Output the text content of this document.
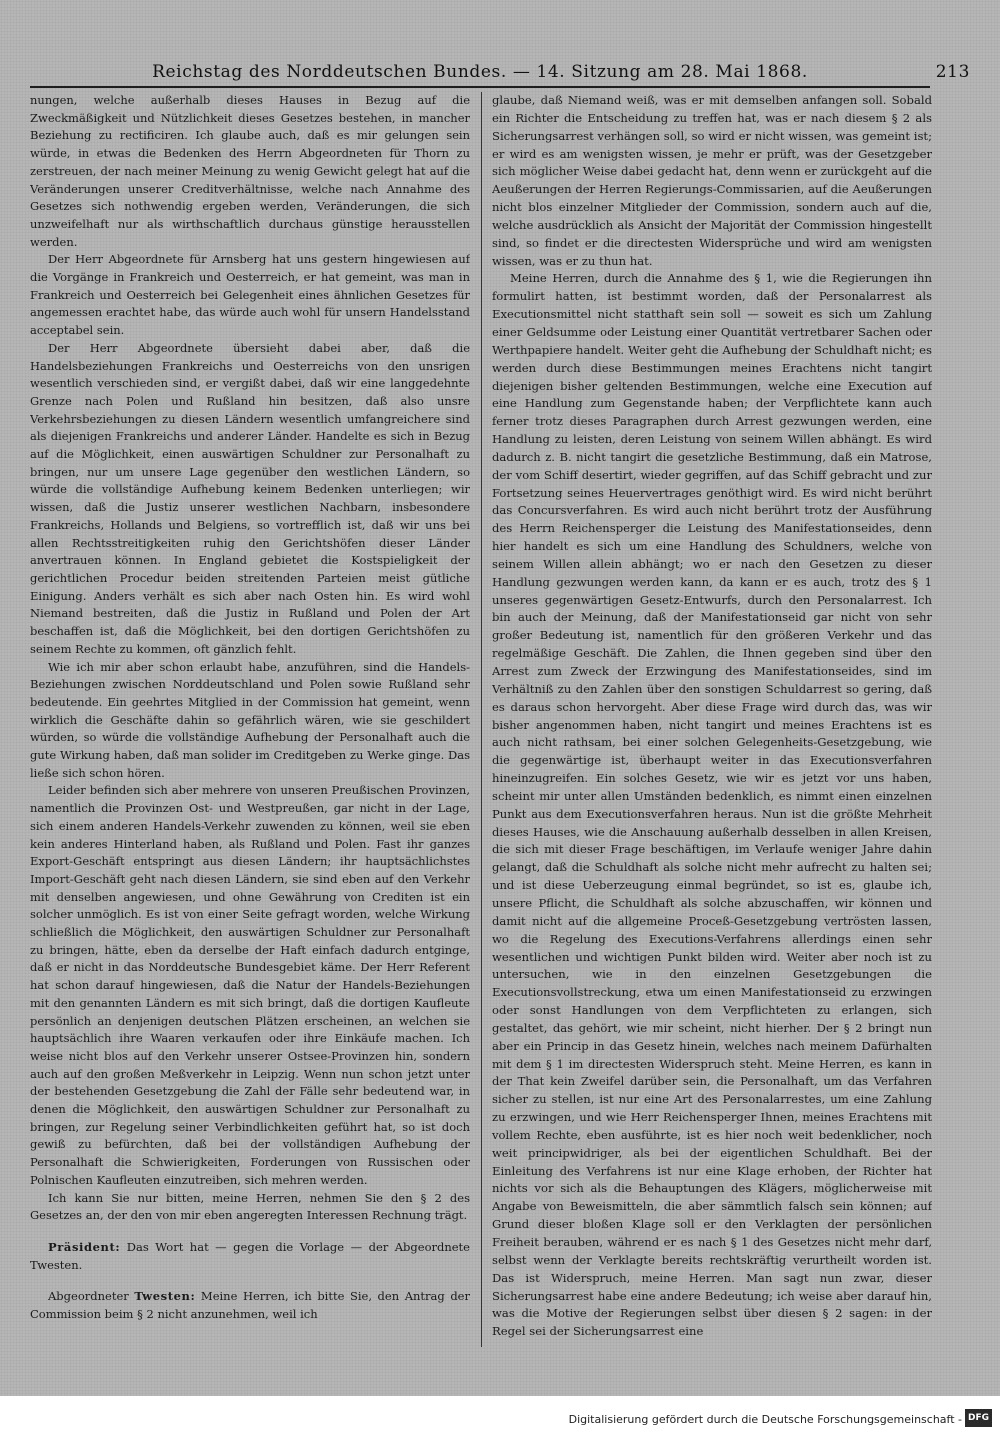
Reichstag des Norddeutschen Bundes. — 14. Sitzung am 28. Mai 1868.	213

nungen, welche außerhalb dieses Hauses in Bezug auf die Zweckmäßigkeit und Nützlichkeit dieses Gesetzes bestehen, in mancher Beziehung zu rectificiren. Ich glaube auch, daß es mir gelungen sein würde, in etwas die Bedenken des Herrn Abgeordneten für Thorn zu zerstreuen, der nach meiner Meinung zu wenig Gewicht gelegt hat auf die Veränderungen unserer Creditverhältnisse, welche nach Annahme des Gesetzes sich nothwendig ergeben werden, Veränderungen, die sich unzweifelhaft nur als wirthschaftlich durchaus günstige herausstellen werden.

Der Herr Abgeordnete für Arnsberg hat uns gestern hingewiesen auf die Vorgänge in Frankreich und Oesterreich, er hat gemeint, was man in Frankreich und Oesterreich bei Gelegenheit eines ähnlichen Gesetzes für angemessen erachtet habe, das würde auch wohl für unsern Handelsstand acceptabel sein.

Der Herr Abgeordnete übersieht dabei aber, daß die Handelsbeziehungen Frankreichs und Oesterreichs von den unsrigen wesentlich verschieden sind, er vergißt dabei, daß wir eine langgedehnte Grenze nach Polen und Rußland hin besitzen, daß also unsre Verkehrsbeziehungen zu diesen Ländern wesentlich umfangreichere sind als diejenigen Frankreichs und anderer Länder. Handelte es sich in Bezug auf die Möglichkeit, einen auswärtigen Schuldner zur Personalhaft zu bringen, nur um unsere Lage gegenüber den westlichen Ländern, so würde die vollständige Aufhebung keinem Bedenken unterliegen; wir wissen, daß die Justiz unserer westlichen Nachbarn, insbesondere Frankreichs, Hollands und Belgiens, so vortrefflich ist, daß wir uns bei allen Rechtsstreitigkeiten ruhig den Gerichtshöfen dieser Länder anvertrauen können. In England gebietet die Kostspieligkeit der gerichtlichen Procedur beiden streitenden Parteien meist gütliche Einigung. Anders verhält es sich aber nach Osten hin. Es wird wohl Niemand bestreiten, daß die Justiz in Rußland und Polen der Art beschaffen ist, daß die Möglichkeit, bei den dortigen Gerichtshöfen zu seinem Rechte zu kommen, oft gänzlich fehlt.

Wie ich mir aber schon erlaubt habe, anzuführen, sind die Handels-Beziehungen zwischen Norddeutschland und Polen sowie Rußland sehr bedeutende. Ein geehrtes Mitglied in der Commission hat gemeint, wenn wirklich die Geschäfte dahin so gefährlich wären, wie sie geschildert würden, so würde die vollständige Aufhebung der Personalhaft auch die gute Wirkung haben, daß man solider im Creditgeben zu Werke ginge. Das ließe sich schon hören.

Leider befinden sich aber mehrere von unseren Preußischen Provinzen, namentlich die Provinzen Ost- und Westpreußen, gar nicht in der Lage, sich einem anderen Handels-Verkehr zuwenden zu können, weil sie eben kein anderes Hinterland haben, als Rußland und Polen. Fast ihr ganzes Export-Geschäft entspringt aus diesen Ländern; ihr hauptsächlichstes Import-Geschäft geht nach diesen Ländern, sie sind eben auf den Verkehr mit denselben angewiesen, und ohne Gewährung von Crediten ist ein solcher unmöglich. Es ist von einer Seite gefragt worden, welche Wirkung schließlich die Möglichkeit, den auswärtigen Schuldner zur Personalhaft zu bringen, hätte, eben da derselbe der Haft einfach dadurch entginge, daß er nicht in das Norddeutsche Bundesgebiet käme. Der Herr Referent hat schon darauf hingewiesen, daß die Natur der Handels-Beziehungen mit den genannten Ländern es mit sich bringt, daß die dortigen Kaufleute persönlich an denjenigen deutschen Plätzen erscheinen, an welchen sie hauptsächlich ihre Waaren verkaufen oder ihre Einkäufe machen. Ich weise nicht blos auf den Verkehr unserer Ostsee-Provinzen hin, sondern auch auf den großen Meßverkehr in Leipzig. Wenn nun schon jetzt unter der bestehenden Gesetzgebung die Zahl der Fälle sehr bedeutend war, in denen die Möglichkeit, den auswärtigen Schuldner zur Personalhaft zu bringen, zur Regelung seiner Verbindlichkeiten geführt hat, so ist doch gewiß zu befürchten, daß bei der vollständigen Aufhebung der Personalhaft die Schwierigkeiten, Forderungen von Russischen oder Polnischen Kaufleuten einzutreiben, sich mehren werden.

Ich kann Sie nur bitten, meine Herren, nehmen Sie den § 2 des Gesetzes an, der den von mir eben angeregten Interessen Rechnung trägt.

Präsident: Das Wort hat — gegen die Vorlage — der Abgeordnete Twesten.

Abgeordneter Twesten: Meine Herren, ich bitte Sie, den Antrag der Commission beim § 2 nicht anzunehmen, weil ich

glaube, daß Niemand weiß, was er mit demselben anfangen soll. Sobald ein Richter die Entscheidung zu treffen hat, was er nach diesem § 2 als Sicherungsarrest verhängen soll, so wird er nicht wissen, was gemeint ist; er wird es am wenigsten wissen, je mehr er prüft, was der Gesetzgeber sich möglicher Weise dabei gedacht hat, denn wenn er zurückgeht auf die Aeußerungen der Herren Regierungs-Commissarien, auf die Aeußerungen nicht blos einzelner Mitglieder der Commission, sondern auch auf die, welche ausdrücklich als Ansicht der Majorität der Commission hingestellt sind, so findet er die directesten Widersprüche und wird am wenigsten wissen, was er zu thun hat.

Meine Herren, durch die Annahme des § 1, wie die Regierungen ihn formulirt hatten, ist bestimmt worden, daß der Personalarrest als Executionsmittel nicht statthaft sein soll — soweit es sich um Zahlung einer Geldsumme oder Leistung einer Quantität vertretbarer Sachen oder Werthpapiere handelt. Weiter geht die Aufhebung der Schuldhaft nicht; es werden durch diese Bestimmungen meines Erachtens nicht tangirt diejenigen bisher geltenden Bestimmungen, welche eine Execution auf eine Handlung zum Gegenstande haben; der Verpflichtete kann auch ferner trotz dieses Paragraphen durch Arrest gezwungen werden, eine Handlung zu leisten, deren Leistung von seinem Willen abhängt. Es wird dadurch z. B. nicht tangirt die gesetzliche Bestimmung, daß ein Matrose, der vom Schiff desertirt, wieder gegriffen, auf das Schiff gebracht und zur Fortsetzung seines Heuervertrages genöthigt wird. Es wird nicht berührt das Concursverfahren. Es wird auch nicht berührt trotz der Ausführung des Herrn Reichensperger die Leistung des Manifestationseides, denn hier handelt es sich um eine Handlung des Schuldners, welche von seinem Willen allein abhängt; wo er nach den Gesetzen zu dieser Handlung gezwungen werden kann, da kann er es auch, trotz des § 1 unseres gegenwärtigen Gesetz-Entwurfs, durch den Personalarrest. Ich bin auch der Meinung, daß der Manifestationseid gar nicht von sehr großer Bedeutung ist, namentlich für den größeren Verkehr und das regelmäßige Geschäft. Die Zahlen, die Ihnen gegeben sind über den Arrest zum Zweck der Erzwingung des Manifestationseides, sind im Verhältniß zu den Zahlen über den sonstigen Schuldarrest so gering, daß es daraus schon hervorgeht. Aber diese Frage wird durch das, was wir bisher angenommen haben, nicht tangirt und meines Erachtens ist es auch nicht rathsam, bei einer solchen Gelegenheits-Gesetzgebung, wie die gegenwärtige ist, überhaupt weiter in das Executionsverfahren hineinzugreifen. Ein solches Gesetz, wie wir es jetzt vor uns haben, scheint mir unter allen Umständen bedenklich, es nimmt einen einzelnen Punkt aus dem Executionsverfahren heraus. Nun ist die größte Mehrheit dieses Hauses, wie die Anschauung außerhalb desselben in allen Kreisen, die sich mit dieser Frage beschäftigen, im Verlaufe weniger Jahre dahin gelangt, daß die Schuldhaft als solche nicht mehr aufrecht zu halten sei; und ist diese Ueberzeugung einmal begründet, so ist es, glaube ich, unsere Pflicht, die Schuldhaft als solche abzuschaffen, wir können und damit nicht auf die allgemeine Proceß-Gesetzgebung vertrösten lassen, wo die Regelung des Executions-Verfahrens allerdings einen sehr wesentlichen und wichtigen Punkt bilden wird. Weiter aber noch ist zu untersuchen, wie in den einzelnen Gesetzgebungen die Executionsvollstreckung, etwa um einen Manifestationseid zu erzwingen oder sonst Handlungen von dem Verpflichteten zu erlangen, sich gestaltet, das gehört, wie mir scheint, nicht hierher. Der § 2 bringt nun aber ein Princip in das Gesetz hinein, welches nach meinem Dafürhalten mit dem § 1 im directesten Widerspruch steht. Meine Herren, es kann in der That kein Zweifel darüber sein, die Personalhaft, um das Verfahren sicher zu stellen, ist nur eine Art des Personalarrestes, um eine Zahlung zu erzwingen, und wie Herr Reichensperger Ihnen, meines Erachtens mit vollem Rechte, eben ausführte, ist es hier noch weit bedenklicher, noch weit principwidriger, als bei der eigentlichen Schuldhaft. Bei der Einleitung des Verfahrens ist nur eine Klage erhoben, der Richter hat nichts vor sich als die Behauptungen des Klägers, möglicherweise mit Angabe von Beweismitteln, die aber sämmtlich falsch sein können; auf Grund dieser bloßen Klage soll er den Verklagten der persönlichen Freiheit berauben, während er es nach § 1 des Gesetzes nicht mehr darf, selbst wenn der Verklagte bereits rechtskräftig verurtheilt worden ist. Das ist Widerspruch, meine Herren. Man sagt nun zwar, dieser Sicherungsarrest habe eine andere Bedeutung; ich weise aber darauf hin, was die Motive der Regierungen selbst über diesen § 2 sagen: in der Regel sei der Sicherungsarrest eine

Digitalisierung gefördert durch die Deutsche Forschungsgemeinschaft - DFG
